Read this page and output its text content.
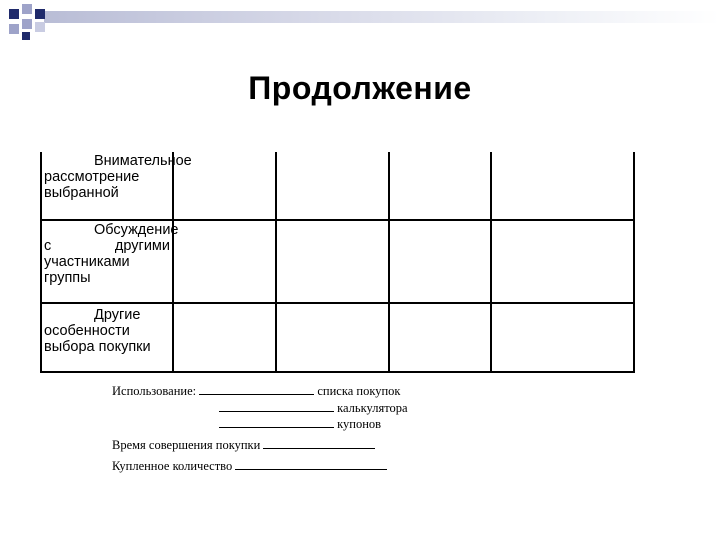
Продолжение
Внимательное рассмотрение выбранной				

Обсуждение с другими участниками группы				

Другие особенности выбора покупки				

Использование:	списка покупок
калькулятора
купонов
Время совершения покупки
Купленное количество
